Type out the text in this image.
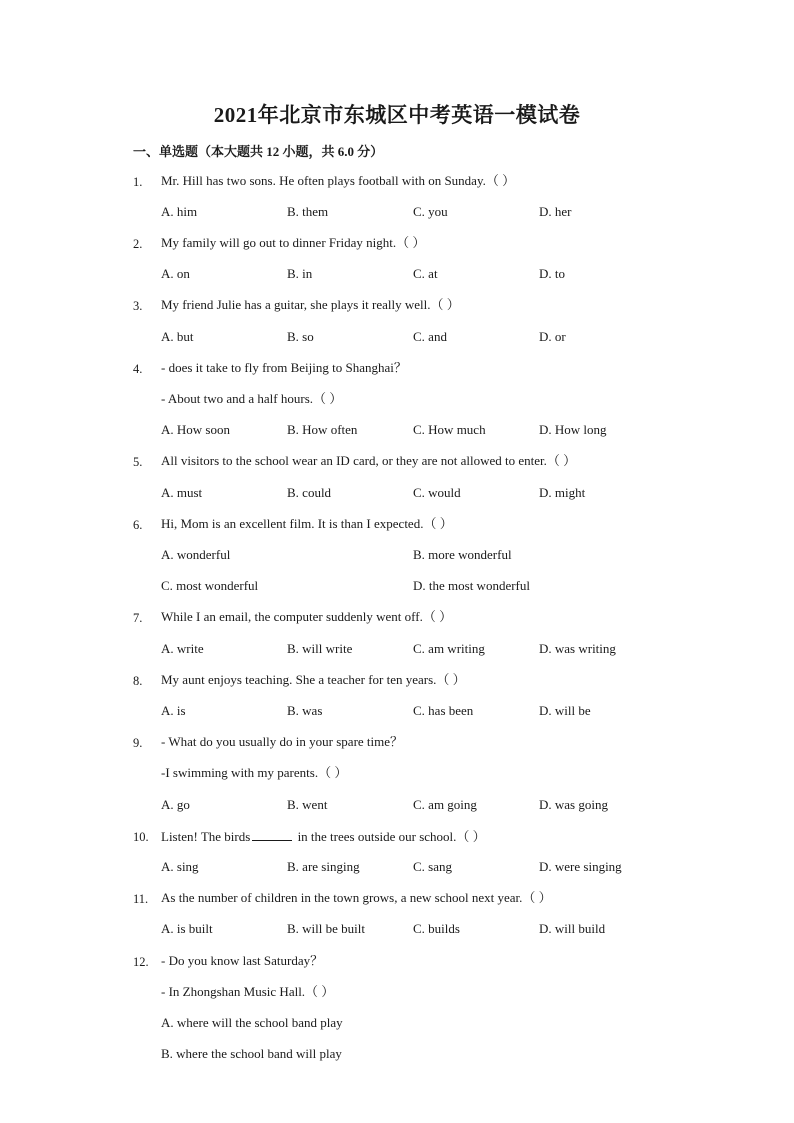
2021年北京市东城区中考英语一模试卷
一、单选题（本大题共 12 小题，共 6.0 分）
1. Mr. Hill has two sons. He often plays football with on Sunday.（ ）
A. him	B. them	C. you	D. her
2. My family will go out to dinner Friday night.（ ）
A. on	B. in	C. at	D. to
3. My friend Julie has a guitar, she plays it really well.（ ）
A. but	B. so	C. and	D. or
4. - does it take to fly from Beijing to Shanghai？
- About two and a half hours.（ ）
A. How soon	B. How often	C. How much	D. How long
5. All visitors to the school wear an ID card, or they are not allowed to enter.（ ）
A. must	B. could	C. would	D. might
6. Hi, Mom is an excellent film. It is than I expected.（ ）
A. wonderful	B. more wonderful
C. most wonderful	D. the most wonderful
7. While I an email, the computer suddenly went off.（ ）
A. write	B. will write	C. am writing	D. was writing
8. My aunt enjoys teaching. She a teacher for ten years.（ ）
A. is	B. was	C. has been	D. will be
9. - What do you usually do in your spare time？
-I swimming with my parents.（ ）
A. go	B. went	C. am going	D. was going
10. Listen! The birds	in the trees outside our school.（ ）
A. sing	B. are singing	C. sang	D. were singing
11. As the number of children in the town grows, a new school next year.（ ）
A. is built	B. will be built	C. builds	D. will build
12. - Do you know last Saturday？
- In Zhongshan Music Hall.（ ）
A. where will the school band play
B. where the school band will play
